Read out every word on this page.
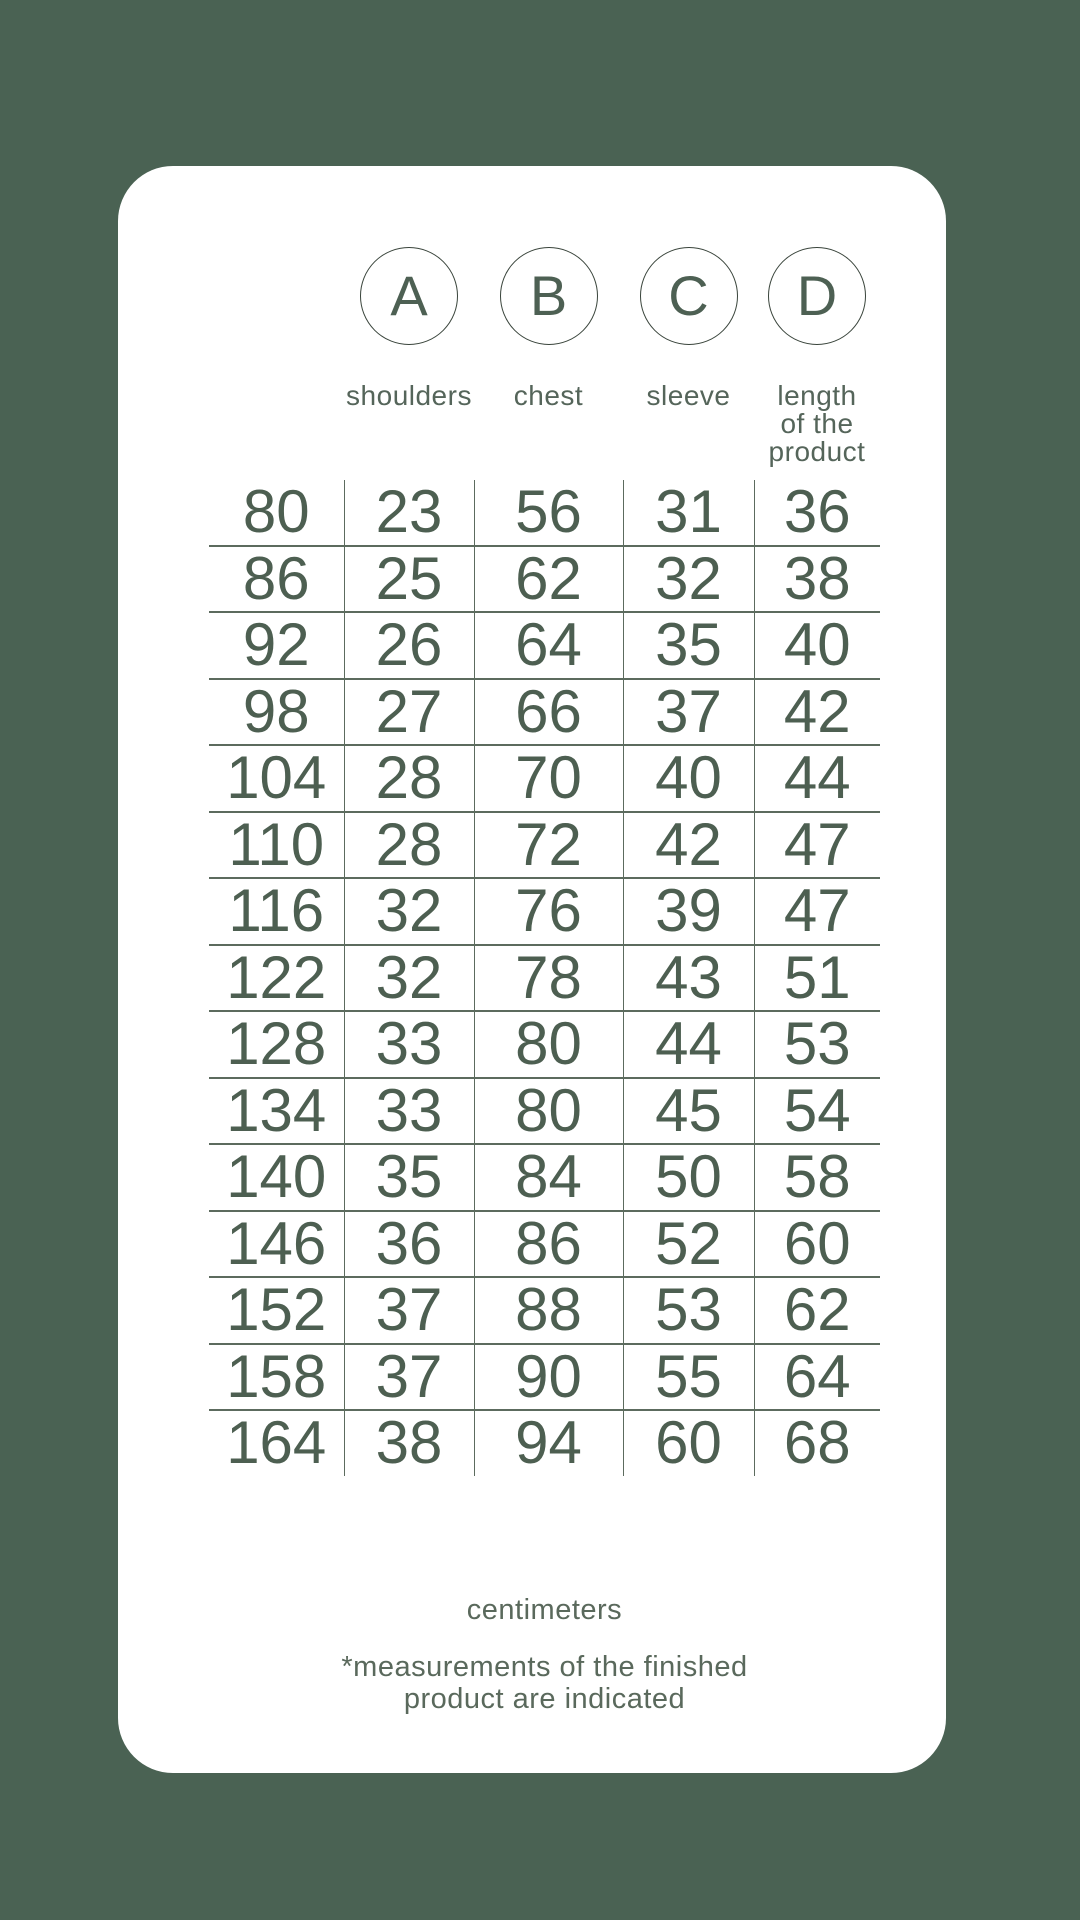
A B C D
shoulders	chest	sleeve	length
of the
product
80	23	56	31	36
86	25	62	32	38
92	26	64	35	40
98	27	66	37	42
104	28	70	40	44
110	28	72	42	47
116	32	76	39	47
122	32	78	43	51
128	33	80	44	53
134	33	80	45	54
140	35	84	50	58
146	36	86	52	60
152	37	88	53	62
158	37	90	55	64
164	38	94	60	68
centimeters
*measurements of the finished
product are indicated
